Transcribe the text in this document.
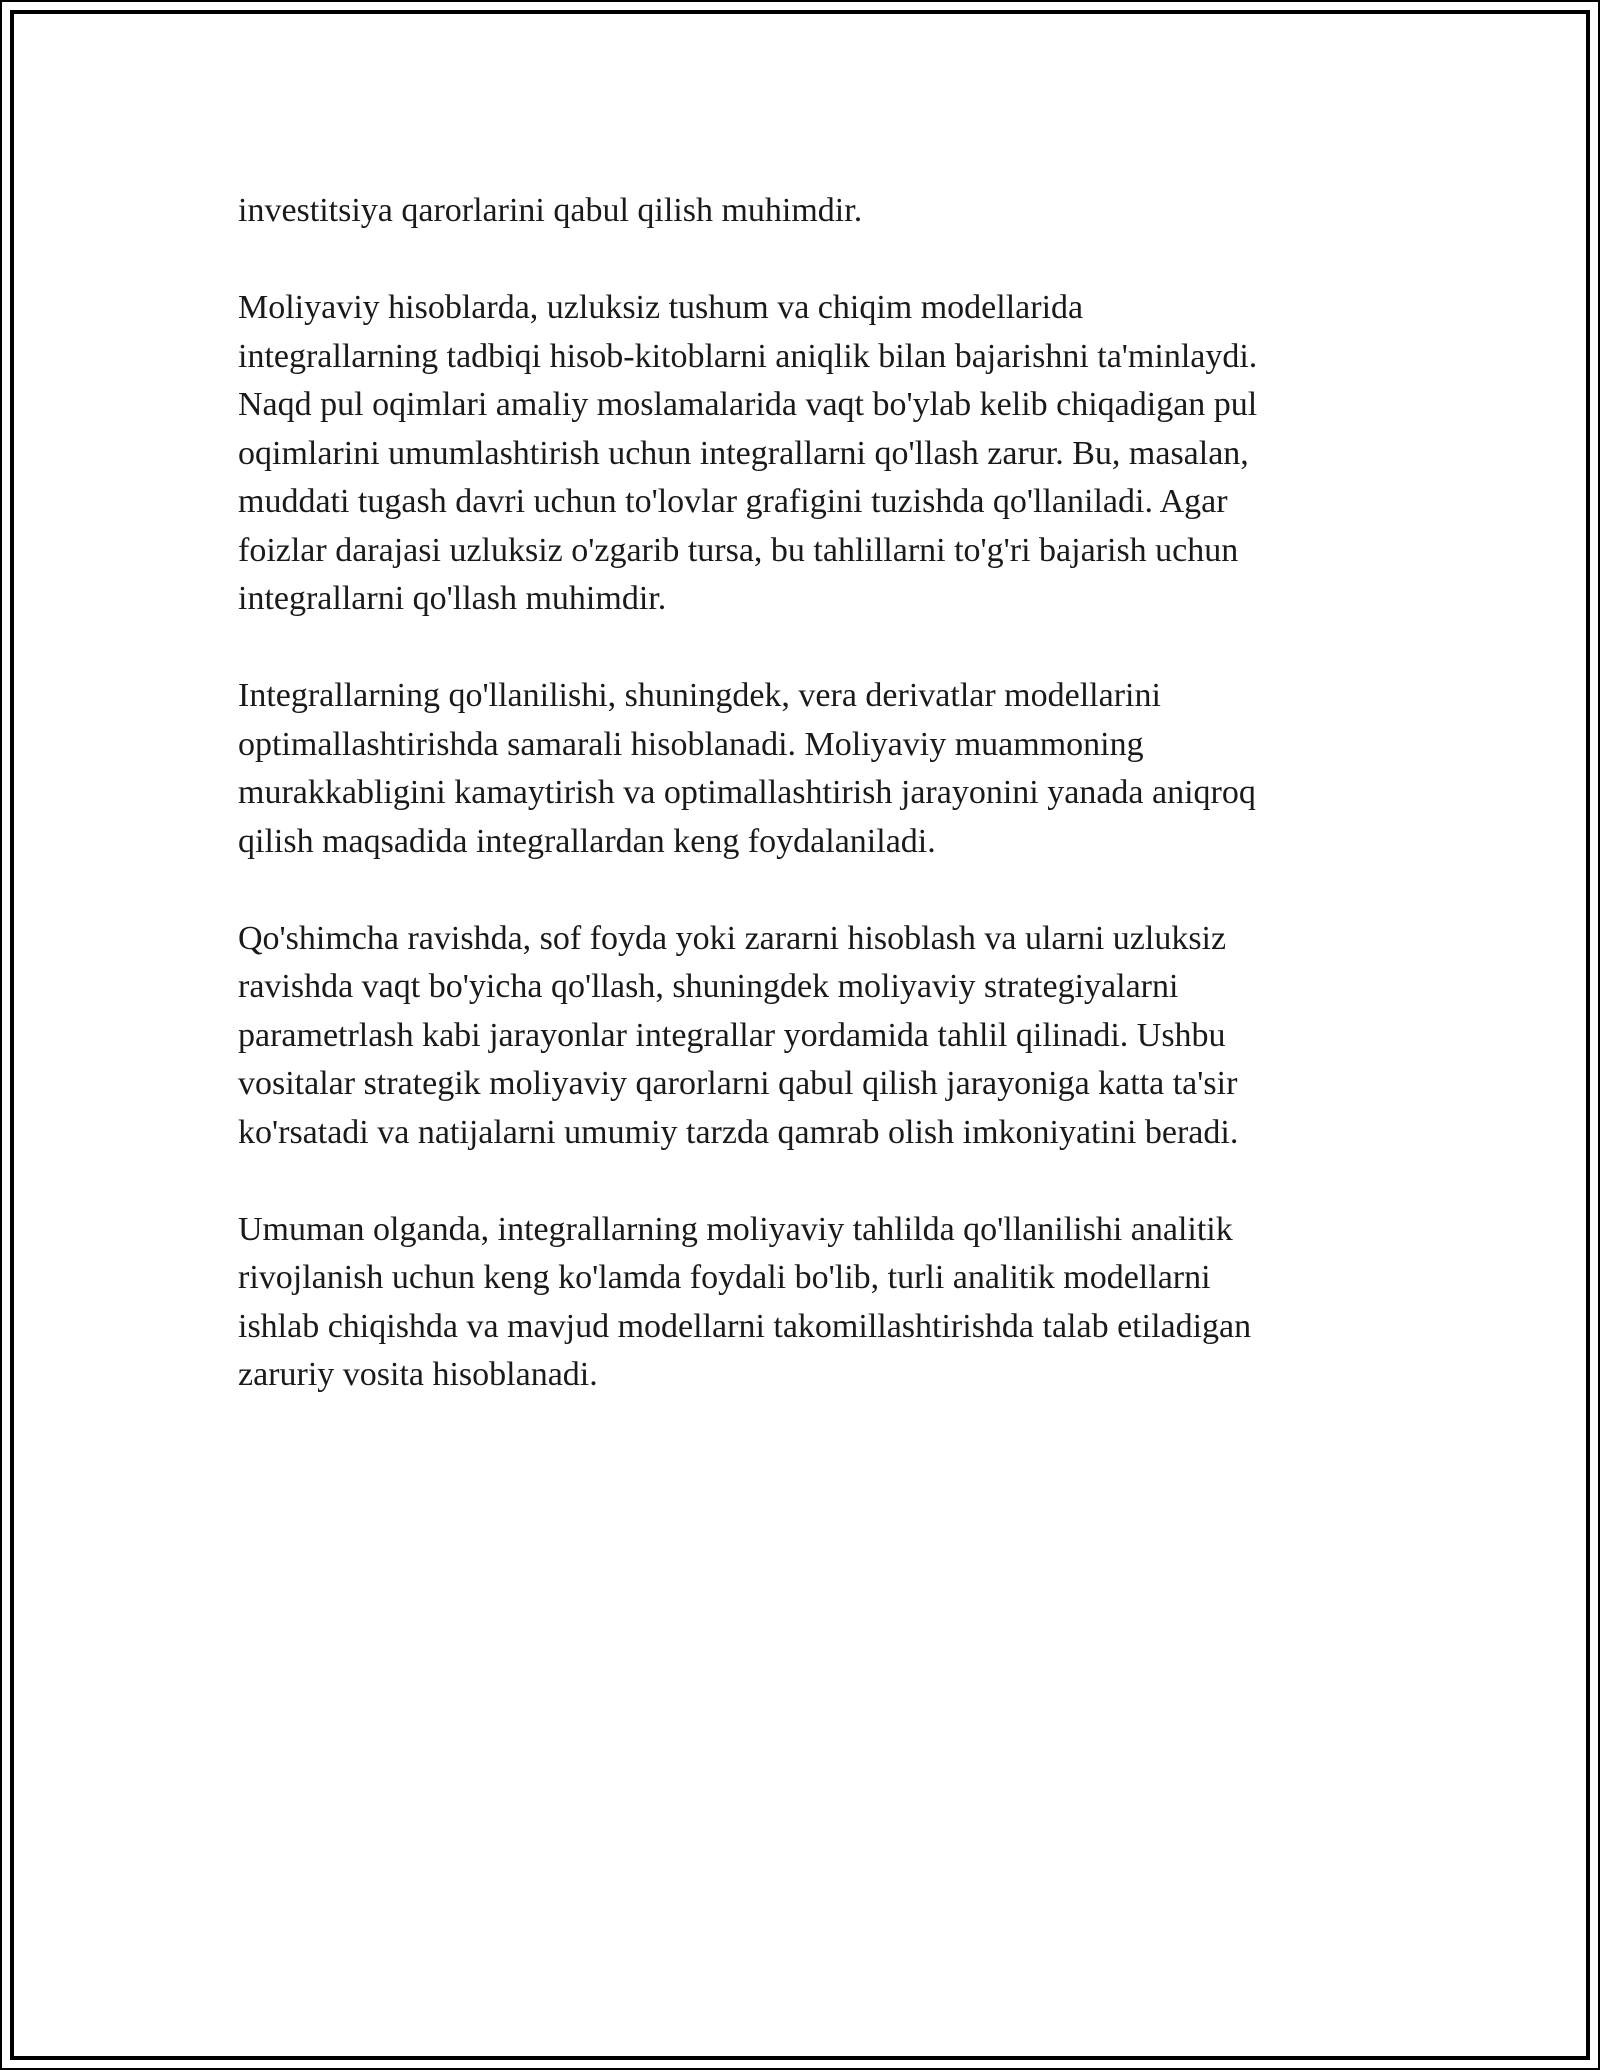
investitsiya qarorlarini qabul qilish muhimdir.

Moliyaviy hisoblarda, uzluksiz tushum va chiqim modellarida
integrallarning tadbiqi hisob-kitoblarni aniqlik bilan bajarishni ta'minlaydi.
Naqd pul oqimlari amaliy moslamalarida vaqt bo'ylab kelib chiqadigan pul
oqimlarini umumlashtirish uchun integrallarni qo'llash zarur. Bu, masalan,
muddati tugash davri uchun to'lovlar grafigini tuzishda qo'llaniladi. Agar
foizlar darajasi uzluksiz o'zgarib tursa, bu tahlillarni to'g'ri bajarish uchun
integrallarni qo'llash muhimdir.

Integrallarning qo'llanilishi, shuningdek, vera derivatlar modellarini
optimallashtirishda samarali hisoblanadi. Moliyaviy muammoning
murakkabligini kamaytirish va optimallashtirish jarayonini yanada aniqroq
qilish maqsadida integrallardan keng foydalaniladi.

Qo'shimcha ravishda, sof foyda yoki zararni hisoblash va ularni uzluksiz
ravishda vaqt bo'yicha qo'llash, shuningdek moliyaviy strategiyalarni
parametrlash kabi jarayonlar integrallar yordamida tahlil qilinadi. Ushbu
vositalar strategik moliyaviy qarorlarni qabul qilish jarayoniga katta ta'sir
ko'rsatadi va natijalarni umumiy tarzda qamrab olish imkoniyatini beradi.

Umuman olganda, integrallarning moliyaviy tahlilda qo'llanilishi analitik
rivojlanish uchun keng ko'lamda foydali bo'lib, turli analitik modellarni
ishlab chiqishda va mavjud modellarni takomillashtirishda talab etiladigan
zaruriy vosita hisoblanadi.
